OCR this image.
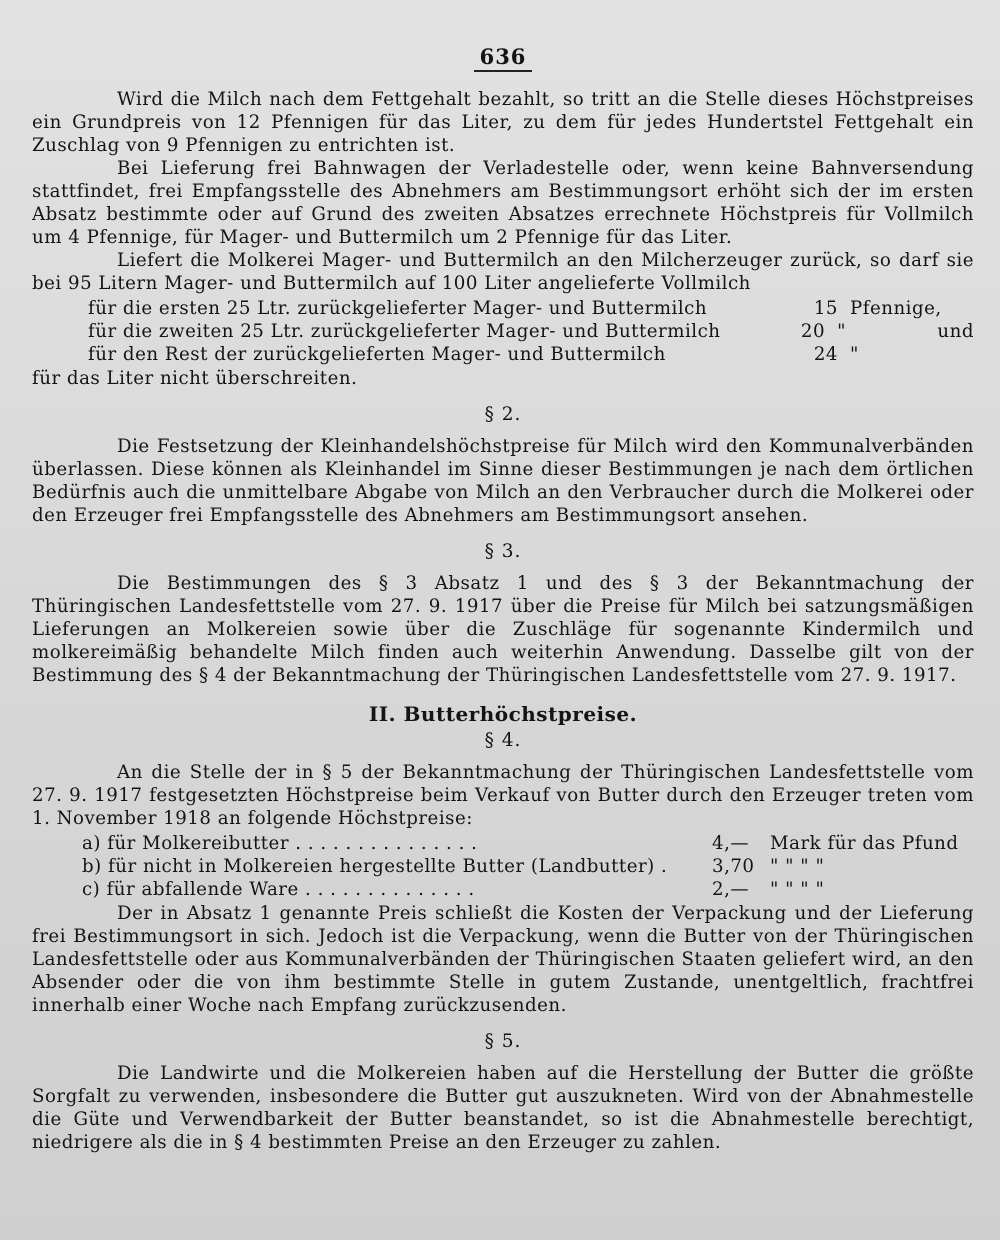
636

Wird die Milch nach dem Fettgehalt bezahlt, so tritt an die Stelle dieses Höchstpreises ein Grundpreis von 12 Pfennigen für das Liter, zu dem für jedes Hundertstel Fettgehalt ein Zuschlag von 9 Pfennigen zu entrichten ist.

Bei Lieferung frei Bahnwagen der Verladestelle oder, wenn keine Bahnversendung stattfindet, frei Empfangsstelle des Abnehmers am Bestimmungsort erhöht sich der im ersten Absatz bestimmte oder auf Grund des zweiten Absatzes errechnete Höchstpreis für Vollmilch um 4 Pfennige, für Mager- und Buttermilch um 2 Pfennige für das Liter.

Liefert die Molkerei Mager- und Buttermilch an den Milcherzeuger zurück, so darf sie bei 95 Litern Mager- und Buttermilch auf 100 Liter angelieferte Vollmilch

für die ersten 25 Ltr. zurückgelieferter Mager- und Buttermilch	15 Pfennige,
für die zweiten 25 Ltr. zurückgelieferter Mager- und Buttermilch	20 "	und
für den Rest der zurückgelieferten Mager- und Buttermilch	24 "

für das Liter nicht überschreiten.

§ 2.

Die Festsetzung der Kleinhandelshöchstpreise für Milch wird den Kommunalverbänden überlassen. Diese können als Kleinhandel im Sinne dieser Bestimmungen je nach dem örtlichen Bedürfnis auch die unmittelbare Abgabe von Milch an den Verbraucher durch die Molkerei oder den Erzeuger frei Empfangsstelle des Abnehmers am Bestimmungsort ansehen.

§ 3.

Die Bestimmungen des § 3 Absatz 1 und des § 3 der Bekanntmachung der Thüringischen Landesfettstelle vom 27. 9. 1917 über die Preise für Milch bei satzungsmäßigen Lieferungen an Molkereien sowie über die Zuschläge für sogenannte Kindermilch und molkereimäßig behandelte Milch finden auch weiterhin Anwendung. Dasselbe gilt von der Bestimmung des § 4 der Bekanntmachung der Thüringischen Landesfettstelle vom 27. 9. 1917.

II. Butterhöchstpreise.
§ 4.

An die Stelle der in § 5 der Bekanntmachung der Thüringischen Landesfettstelle vom 27. 9. 1917 festgesetzten Höchstpreise beim Verkauf von Butter durch den Erzeuger treten vom 1. November 1918 an folgende Höchstpreise:

a) für Molkereibutter . . . . . . . . . . . . . . .	4,—	Mark für das Pfund
b) für nicht in Molkereien hergestellte Butter (Landbutter) .	3,70 " " " "
c) für abfallende Ware . . . . . . . . . . . . . .	2,—	" " " "

Der in Absatz 1 genannte Preis schließt die Kosten der Verpackung und der Lieferung frei Bestimmungsort in sich. Jedoch ist die Verpackung, wenn die Butter von der Thüringischen Landesfettstelle oder aus Kommunalverbänden der Thüringischen Staaten geliefert wird, an den Absender oder die von ihm bestimmte Stelle in gutem Zustande, unentgeltlich, frachtfrei innerhalb einer Woche nach Empfang zurückzusenden.

§ 5.

Die Landwirte und die Molkereien haben auf die Herstellung der Butter die größte Sorgfalt zu verwenden, insbesondere die Butter gut auszukneten. Wird von der Abnahmestelle die Güte und Verwendbarkeit der Butter beanstandet, so ist die Abnahmestelle berechtigt, niedrigere als die in § 4 bestimmten Preise an den Erzeuger zu zahlen.
